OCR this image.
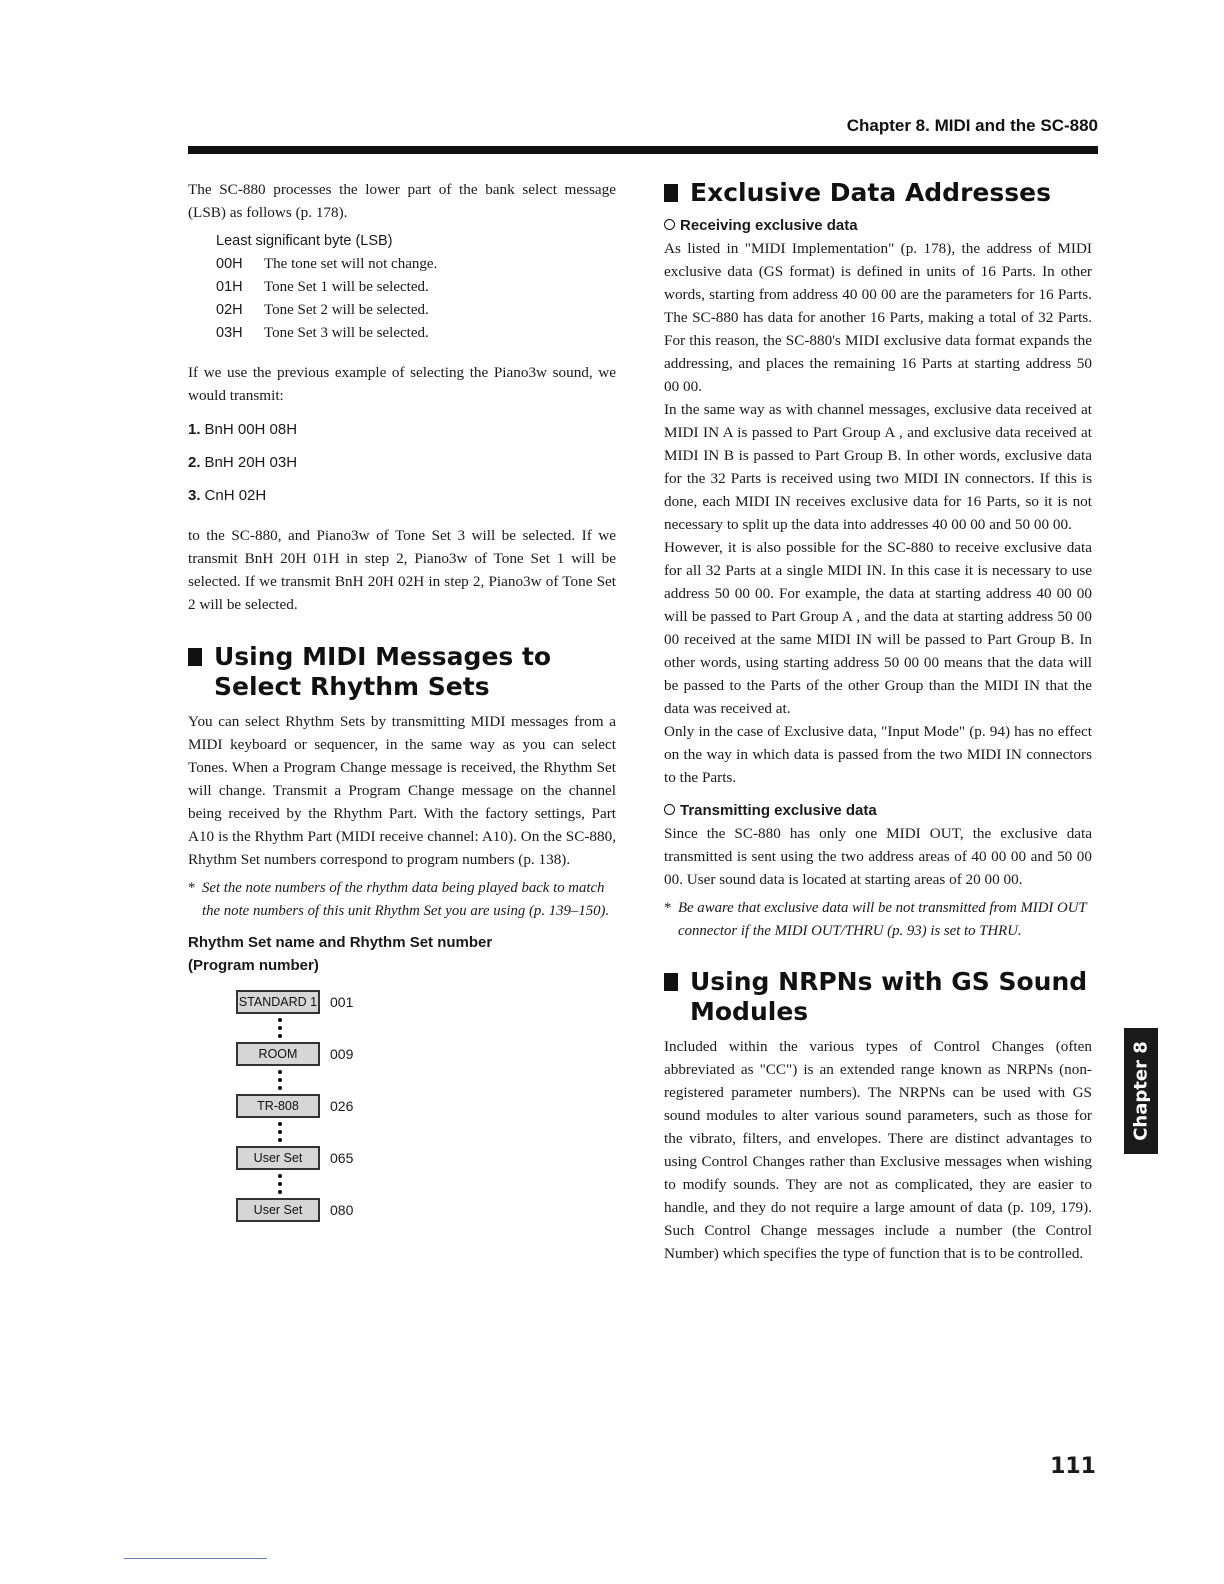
Chapter 8. MIDI and the SC-880

The SC-880 processes the lower part of the bank select message (LSB) as follows (p. 178).

Least significant byte (LSB)
00H	The tone set will not change.
01H	Tone Set 1 will be selected.
02H	Tone Set 2 will be selected.
03H	Tone Set 3 will be selected.

If we use the previous example of selecting the Piano3w sound, we would transmit:

1. BnH 00H 08H
2. BnH 20H 03H
3. CnH 02H

to the SC-880, and Piano3w of Tone Set 3 will be selected. If we transmit BnH 20H 01H in step 2, Piano3w of Tone Set 1 will be selected. If we transmit BnH 20H 02H in step 2, Piano3w of Tone Set 2 will be selected.

Using MIDI Messages to Select Rhythm Sets

You can select Rhythm Sets by transmitting MIDI messages from a MIDI keyboard or sequencer, in the same way as you can select Tones. When a Program Change message is received, the Rhythm Set will change. Transmit a Program Change message on the channel being received by the Rhythm Part. With the factory settings, Part A10 is the Rhythm Part (MIDI receive channel: A10). On the SC-880, Rhythm Set numbers correspond to program numbers (p. 138).

* Set the note numbers of the rhythm data being played back to match the note numbers of this unit Rhythm Set you are using (p. 139–150).
Rhythm Set name and Rhythm Set number
(Program number)
STANDARD 1 001
ROOM	009
TR-808	026
User Set	065
User Set	080
Exclusive Data Addresses
Receiving exclusive data

As listed in "MIDI Implementation" (p. 178), the address of MIDI exclusive data (GS format) is defined in units of 16 Parts. In other words, starting from address 40 00 00 are the parameters for 16 Parts. The SC-880 has data for another 16 Parts, making a total of 32 Parts. For this reason, the SC-880's MIDI exclusive data format expands the addressing, and places the remaining 16 Parts at starting address 50 00 00.

In the same way as with channel messages, exclusive data received at MIDI IN A is passed to Part Group A , and exclusive data received at MIDI IN B is passed to Part Group B. In other words, exclusive data for the 32 Parts is received using two MIDI IN connectors. If this is done, each MIDI IN receives exclusive data for 16 Parts, so it is not necessary to split up the data into addresses 40 00 00 and 50 00 00.

However, it is also possible for the SC-880 to receive exclusive data for all 32 Parts at a single MIDI IN. In this case it is necessary to use address 50 00 00. For example, the data at starting address 40 00 00 will be passed to Part Group A , and the data at starting address 50 00 00 received at the same MIDI IN will be passed to Part Group B. In other words, using starting address 50 00 00 means that the data will be passed to the Parts of the other Group than the MIDI IN that the data was received at.

Only in the case of Exclusive data, "Input Mode" (p. 94) has no effect on the way in which data is passed from the two MIDI IN connectors to the Parts.

Transmitting exclusive data

Since the SC-880 has only one MIDI OUT, the exclusive data transmitted is sent using the two address areas of 40 00 00 and 50 00 00. User sound data is located at starting areas of 20 00 00.

* Be aware that exclusive data will be not transmitted from MIDI OUT connector if the MIDI OUT/THRU (p. 93) is set to THRU.
Using NRPNs with GS Sound Modules

Included within the various types of Control Changes (often abbreviated as "CC") is an extended range known as NRPNs (non-registered parameter numbers). The NRPNs can be used with GS sound modules to alter various sound parameters, such as those for the vibrato, filters, and envelopes. There are distinct advantages to using Control Changes rather than Exclusive messages when wishing to modify sounds. They are not as complicated, they are easier to handle, and they do not require a large amount of data (p. 109, 179). Such Control Change messages include a number (the Control Number) which specifies the type of function that is to be controlled.

Chapter 8
111
